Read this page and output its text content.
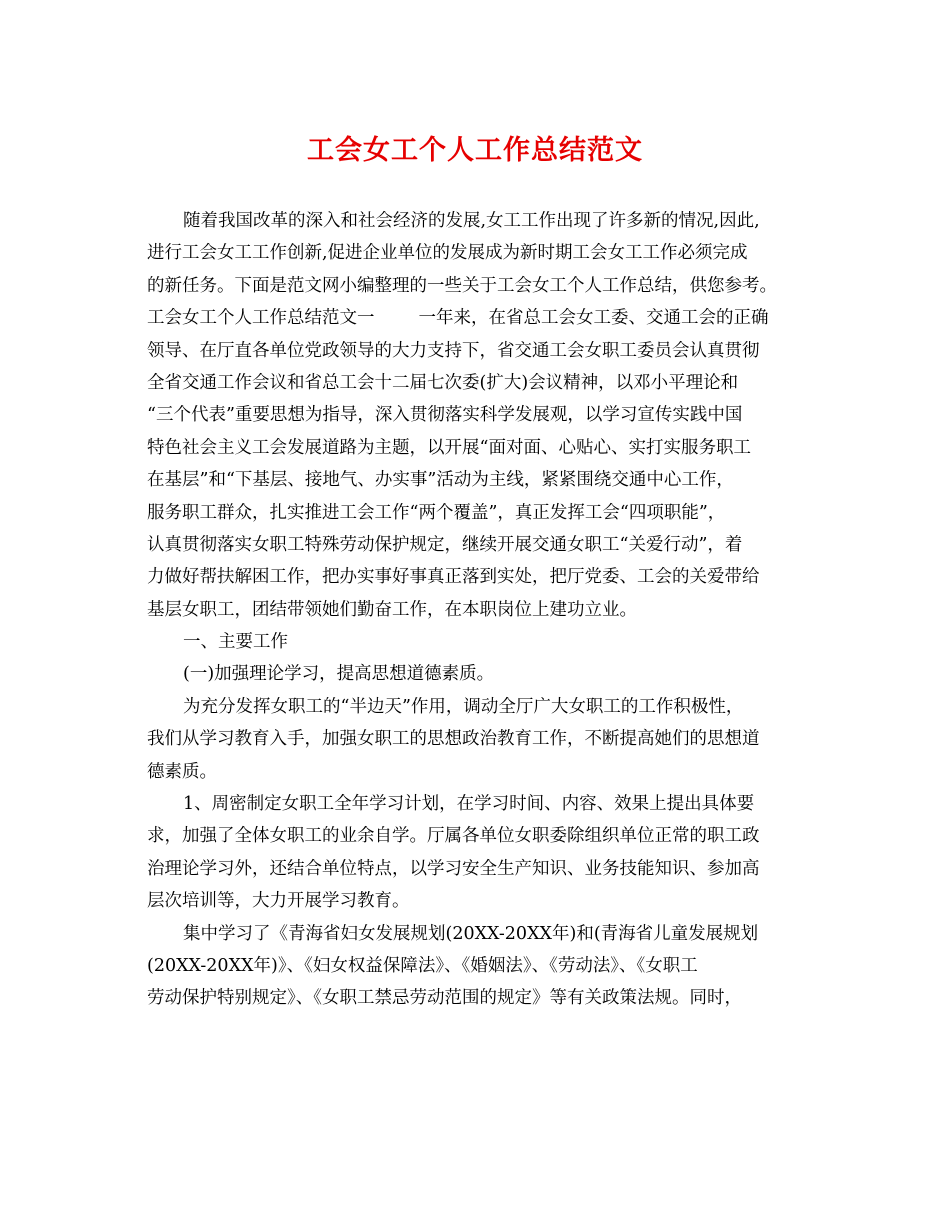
工会女工个人工作总结范文
随着我国改革的深入和社会经济的发展,女工工作出现了许多新的情况,因此,
进行工会女工工作创新,促进企业单位的发展成为新时期工会女工工作必须完成
的新任务。下面是范文网小编整理的一些关于工会女工个人工作总结，供您参考。
工会女工个人工作总结范文一	一年来，在省总工会女工委、交通工会的正确
领导、在厅直各单位党政领导的大力支持下，省交通工会女职工委员会认真贯彻
全省交通工作会议和省总工会十二届七次委(扩大)会议精神，以邓小平理论和
“三个代表”重要思想为指导，深入贯彻落实科学发展观，以学习宣传实践中国
特色社会主义工会发展道路为主题，以开展“面对面、心贴心、实打实服务职工
在基层”和“下基层、接地气、办实事”活动为主线，紧紧围绕交通中心工作，
服务职工群众，扎实推进工会工作“两个覆盖”，真正发挥工会“四项职能”，
认真贯彻落实女职工特殊劳动保护规定，继续开展交通女职工“关爱行动”，着
力做好帮扶解困工作，把办实事好事真正落到实处，把厅党委、工会的关爱带给
基层女职工，团结带领她们勤奋工作，在本职岗位上建功立业。
一、主要工作
(一)加强理论学习，提高思想道德素质。
为充分发挥女职工的“半边天”作用，调动全厅广大女职工的工作积极性，
我们从学习教育入手，加强女职工的思想政治教育工作，不断提高她们的思想道
德素质。
1、周密制定女职工全年学习计划，在学习时间、内容、效果上提出具体要
求，加强了全体女职工的业余自学。厅属各单位女职委除组织单位正常的职工政
治理论学习外，还结合单位特点，以学习安全生产知识、业务技能知识、参加高
层次培训等，大力开展学习教育。
集中学习了《青海省妇女发展规划(20XX-20XX年)和(青海省儿童发展规划
(20XX-20XX年)》、《妇女权益保障法》、《婚姻法》、《劳动法》、《女职工
劳动保护特别规定》、《女职工禁忌劳动范围的规定》等有关政策法规。同时，
